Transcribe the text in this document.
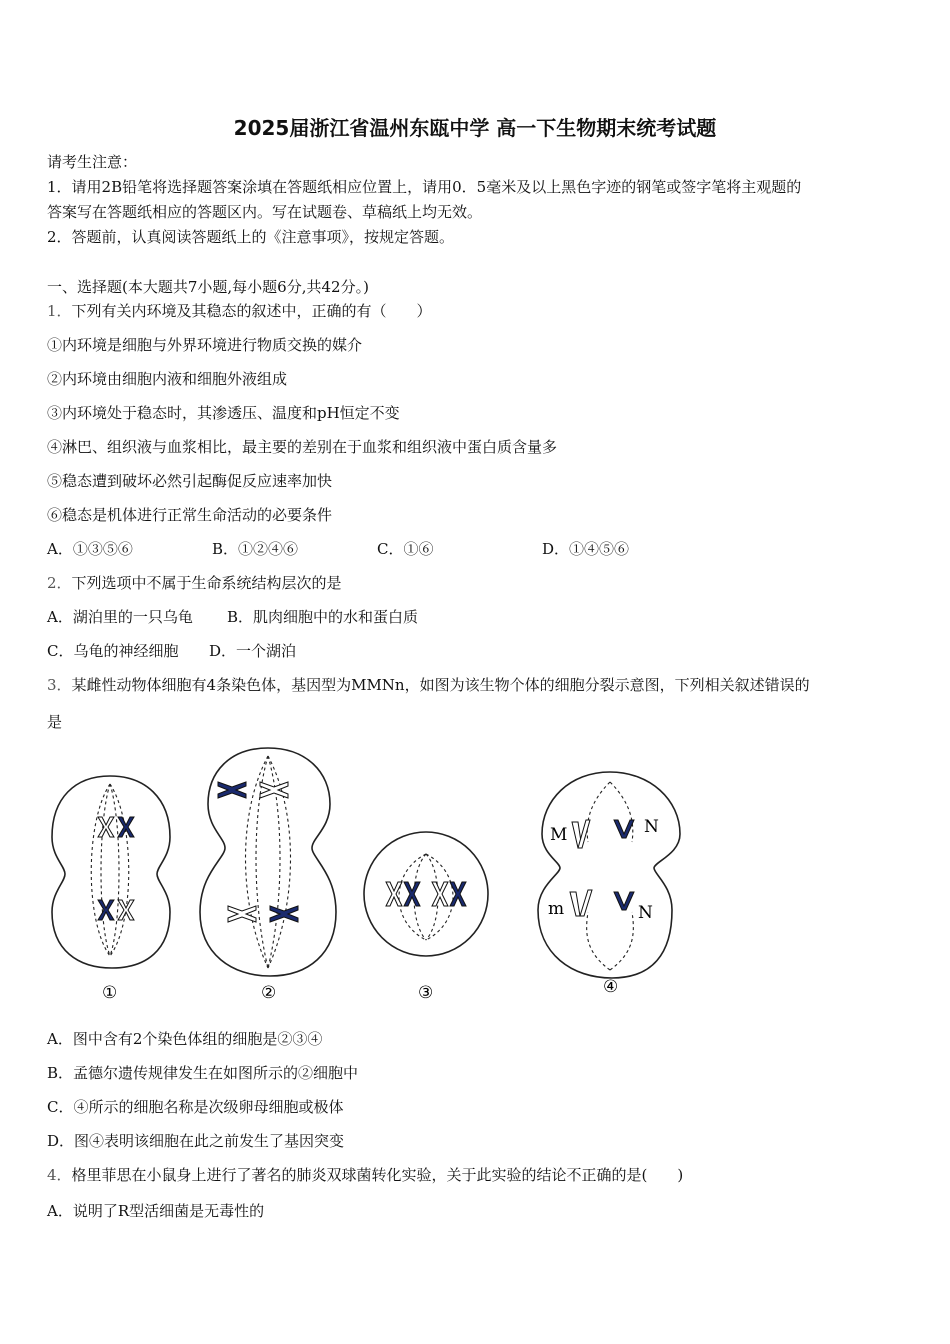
2025届浙江省温州东瓯中学 高一下生物期末统考试题
请考生注意：
1．请用2B铅笔将选择题答案涂填在答题纸相应位置上，请用0．5毫米及以上黑色字迹的钢笔或签字笔将主观题的
答案写在答题纸相应的答题区内。写在试题卷、草稿纸上均无效。
2．答题前，认真阅读答题纸上的《注意事项》，按规定答题。
一、选择题(本大题共7小题,每小题6分,共42分。)
1．下列有关内环境及其稳态的叙述中，正确的有（　　）
①内环境是细胞与外界环境进行物质交换的媒介
②内环境由细胞内液和细胞外液组成
③内环境处于稳态时，其渗透压、温度和pH恒定不变
④淋巴、组织液与血浆相比，最主要的差别在于血浆和组织液中蛋白质含量多
⑤稳态遭到破坏必然引起酶促反应速率加快
⑥稳态是机体进行正常生命活动的必要条件
A．①③⑤⑥	B．①②④⑥	C．①⑥	D．①④⑤⑥
2．下列选项中不属于生命系统结构层次的是
A．湖泊里的一只乌龟 B．肌肉细胞中的水和蛋白质
C．乌龟的神经细胞 D．一个湖泊
3．某雌性动物体细胞有4条染色体，基因型为MMNn，如图为该生物个体的细胞分裂示意图，下列相关叙述错误的
是
M	N
m	N
①	②	③	④
A．图中含有2个染色体组的细胞是②③④
B．孟德尔遗传规律发生在如图所示的②细胞中
C．④所示的细胞名称是次级卵母细胞或极体
D．图④表明该细胞在此之前发生了基因突变
4．格里菲思在小鼠身上进行了著名的肺炎双球菌转化实验，关于此实验的结论不正确的是(　　)
A．说明了R型活细菌是无毒性的
